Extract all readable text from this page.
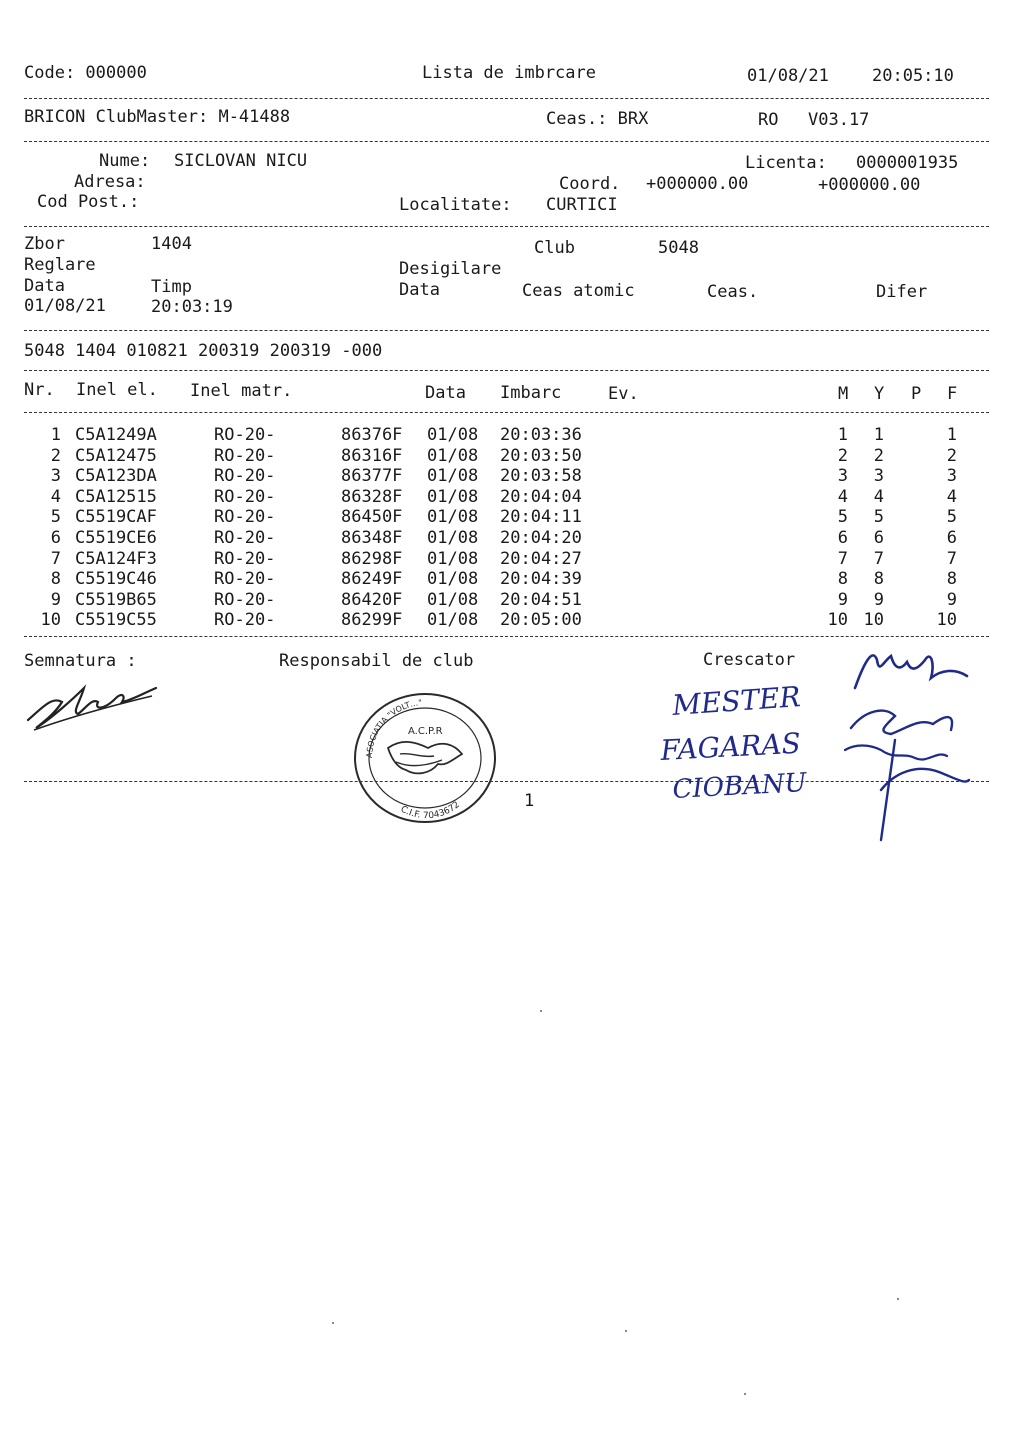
Code: 000000	Lista de imbrcare	01/08/21	20:05:10
BRICON ClubMaster: M-41488	Ceas.: BRX	RO V03.17
Nume: SICLOVAN NICU	Licenta: 0000001935
Adresa:	Coord. +000000.00	+000000.00
Cod Post.:	Localitate: CURTICI
Zbor	1404	Club	5048
Reglare	Desigilare
Data	Timp	Data	Ceas atomic	Ceas.	Difer
01/08/21	20:03:19
5048 1404 010821 200319 200319 -000
Nr. Inel el. Inel matr.	Data Imbarc	Ev.	M Y P F
1 C5A1249A	RO-20-	86376F 01/08 20:03:36	1 1	1
2 C5A12475	RO-20-	86316F 01/08 20:03:50	2 2	2
3 C5A123DA	RO-20-	86377F 01/08 20:03:58	3 3	3
4 C5A12515	RO-20-	86328F 01/08 20:04:04	4 4	4
5 C5519CAF	RO-20-	86450F 01/08 20:04:11	5 5	5
6 C5519CE6	RO-20-	86348F 01/08 20:04:20	6 6	6
7 C5A124F3	RO-20-	86298F 01/08 20:04:27	7 7	7
8 C5519C46	RO-20-	86249F 01/08 20:04:39	8 8	8
9 C5519B65	RO-20-	86420F 01/08 20:04:51	9 9	9
10 C5519C55	RO-20-	86299F 01/08 20:05:00	10 10	10
Semnatura :	Responsabil de club	Crescator
ASOCIATIA "VOLT…"
C.I.F. 7043672
A.C.P.R
MESTER
FAGARAS
CIOBANU
1
